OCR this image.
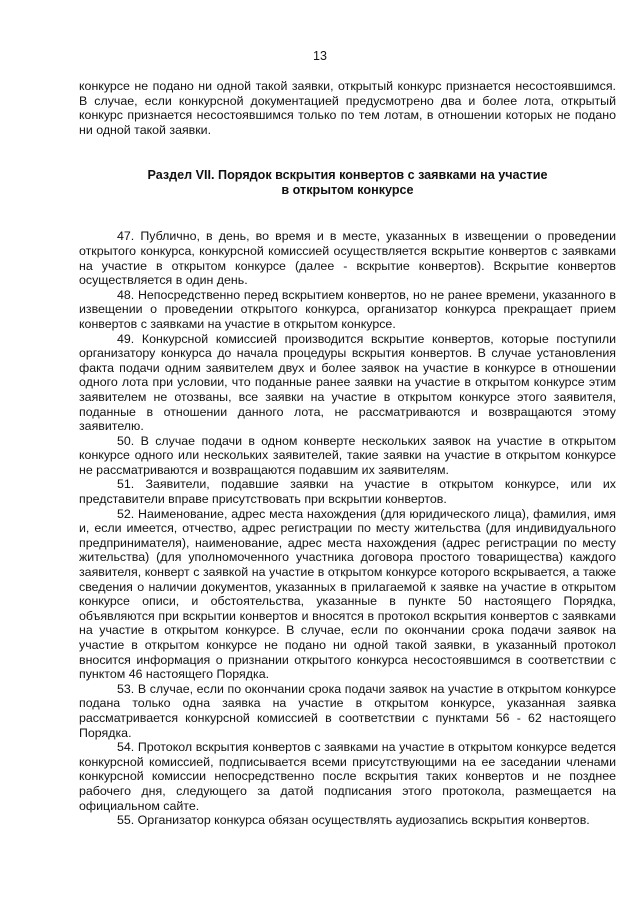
13

конкурсе не подано ни одной такой заявки, открытый конкурс признается несостоявшимся. В случае, если конкурсной документацией предусмотрено два и более лота, открытый конкурс признается несостоявшимся только по тем лотам, в отношении которых не подано ни одной такой заявки.

Раздел VII. Порядок вскрытия конвертов с заявками на участие
в открытом конкурсе

47. Публично, в день, во время и в месте, указанных в извещении о проведении открытого конкурса, конкурсной комиссией осуществляется вскрытие конвертов с заявками на участие в открытом конкурсе (далее - вскрытие конвертов). Вскрытие конвертов осуществляется в один день.

48. Непосредственно перед вскрытием конвертов, но не ранее времени, указанного в извещении о проведении открытого конкурса, организатор конкурса прекращает прием конвертов с заявками на участие в открытом конкурсе.

49. Конкурсной комиссией производится вскрытие конвертов, которые поступили организатору конкурса до начала процедуры вскрытия конвертов. В случае установления факта подачи одним заявителем двух и более заявок на участие в конкурсе в отношении одного лота при условии, что поданные ранее заявки на участие в открытом конкурсе этим заявителем не отозваны, все заявки на участие в открытом конкурсе этого заявителя, поданные в отношении данного лота, не рассматриваются и возвращаются этому заявителю.

50. В случае подачи в одном конверте нескольких заявок на участие в открытом конкурсе одного или нескольких заявителей, такие заявки на участие в открытом конкурсе не рассматриваются и возвращаются подавшим их заявителям.

51. Заявители, подавшие заявки на участие в открытом конкурсе, или их представители вправе присутствовать при вскрытии конвертов.

52. Наименование, адрес места нахождения (для юридического лица), фамилия, имя и, если имеется, отчество, адрес регистрации по месту жительства (для индивидуального предпринимателя), наименование, адрес места нахождения (адрес регистрации по месту жительства) (для уполномоченного участника договора простого товарищества) каждого заявителя, конверт с заявкой на участие в открытом конкурсе которого вскрывается, а также сведения о наличии документов, указанных в прилагаемой к заявке на участие в открытом конкурсе описи, и обстоятельства, указанные в пункте 50 настоящего Порядка, объявляются при вскрытии конвертов и вносятся в протокол вскрытия конвертов с заявками на участие в открытом конкурсе. В случае, если по окончании срока подачи заявок на участие в открытом конкурсе не подано ни одной такой заявки, в указанный протокол вносится информация о признании открытого конкурса несостоявшимся в соответствии с пунктом 46 настоящего Порядка.

53. В случае, если по окончании срока подачи заявок на участие в открытом конкурсе подана только одна заявка на участие в открытом конкурсе, указанная заявка рассматривается конкурсной комиссией в соответствии с пунктами 56 - 62 настоящего Порядка.

54. Протокол вскрытия конвертов с заявками на участие в открытом конкурсе ведется конкурсной комиссией, подписывается всеми присутствующими на ее заседании членами конкурсной комиссии непосредственно после вскрытия таких конвертов и не позднее рабочего дня, следующего за датой подписания этого протокола, размещается на официальном сайте.

55. Организатор конкурса обязан осуществлять аудиозапись вскрытия конвертов.
